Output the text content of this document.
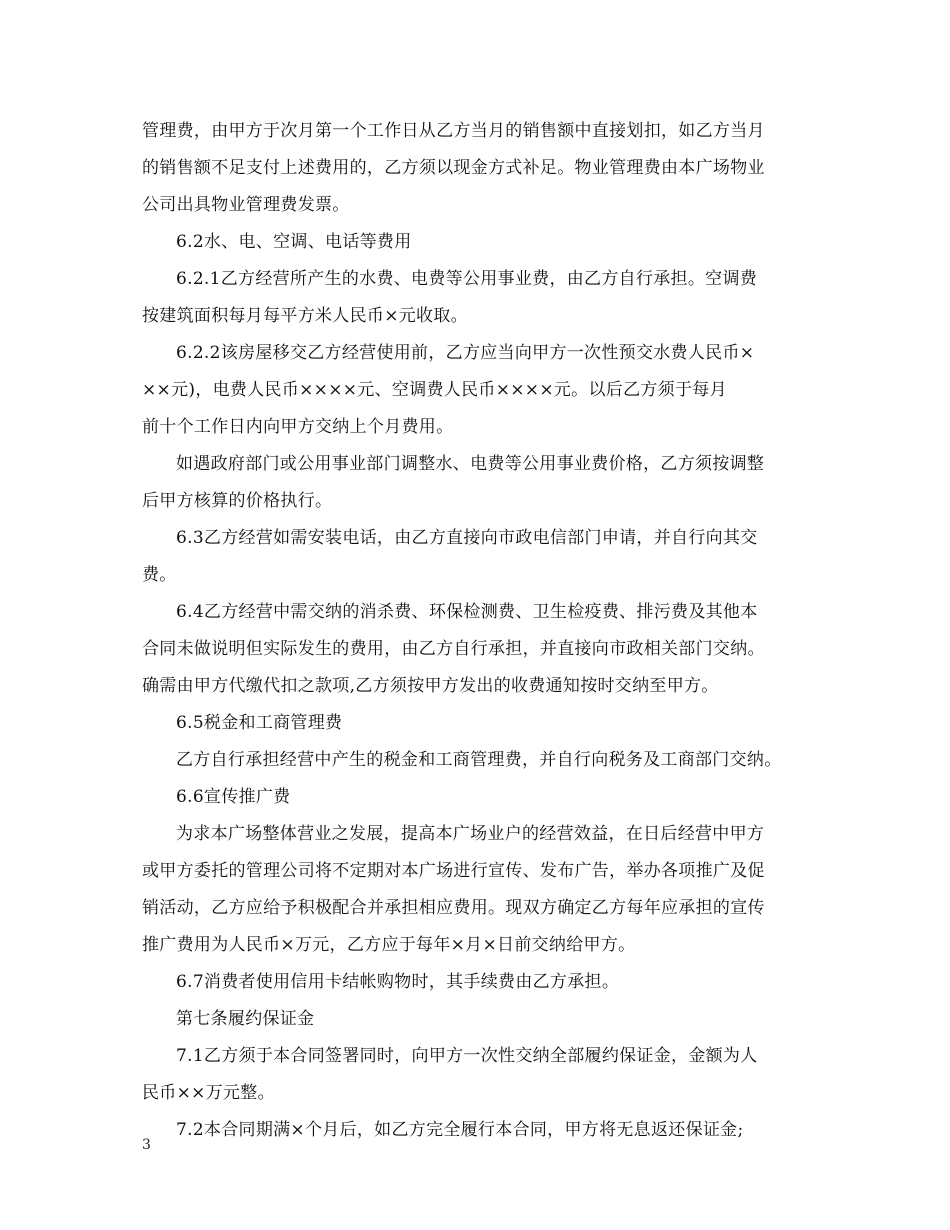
管理费，由甲方于次月第一个工作日从乙方当月的销售额中直接划扣，如乙方当月
的销售额不足支付上述费用的，乙方须以现金方式补足。物业管理费由本广场物业
公司出具物业管理费发票。
6.2水、电、空调、电话等费用
6.2.1乙方经营所产生的水费、电费等公用事业费，由乙方自行承担。空调费
按建筑面积每月每平方米人民币×元收取。
6.2.2该房屋移交乙方经营使用前，乙方应当向甲方一次性预交水费人民币×
××元)，电费人民币××××元、空调费人民币××××元。以后乙方须于每月
前十个工作日内向甲方交纳上个月费用。
如遇政府部门或公用事业部门调整水、电费等公用事业费价格，乙方须按调整
后甲方核算的价格执行。
6.3乙方经营如需安装电话，由乙方直接向市政电信部门申请，并自行向其交
费。
6.4乙方经营中需交纳的消杀费、环保检测费、卫生检疫费、排污费及其他本
合同未做说明但实际发生的费用，由乙方自行承担，并直接向市政相关部门交纳。
确需由甲方代缴代扣之款项,乙方须按甲方发出的收费通知按时交纳至甲方。
6.5税金和工商管理费
乙方自行承担经营中产生的税金和工商管理费，并自行向税务及工商部门交纳。
6.6宣传推广费
为求本广场整体营业之发展，提高本广场业户的经营效益，在日后经营中甲方
或甲方委托的管理公司将不定期对本广场进行宣传、发布广告，举办各项推广及促
销活动，乙方应给予积极配合并承担相应费用。现双方确定乙方每年应承担的宣传
推广费用为人民币×万元，乙方应于每年×月×日前交纳给甲方。
6.7消费者使用信用卡结帐购物时，其手续费由乙方承担。
第七条履约保证金
7.1乙方须于本合同签署同时，向甲方一次性交纳全部履约保证金，金额为人
民币××万元整。
7.2本合同期满×个月后，如乙方完全履行本合同，甲方将无息返还保证金;

3
